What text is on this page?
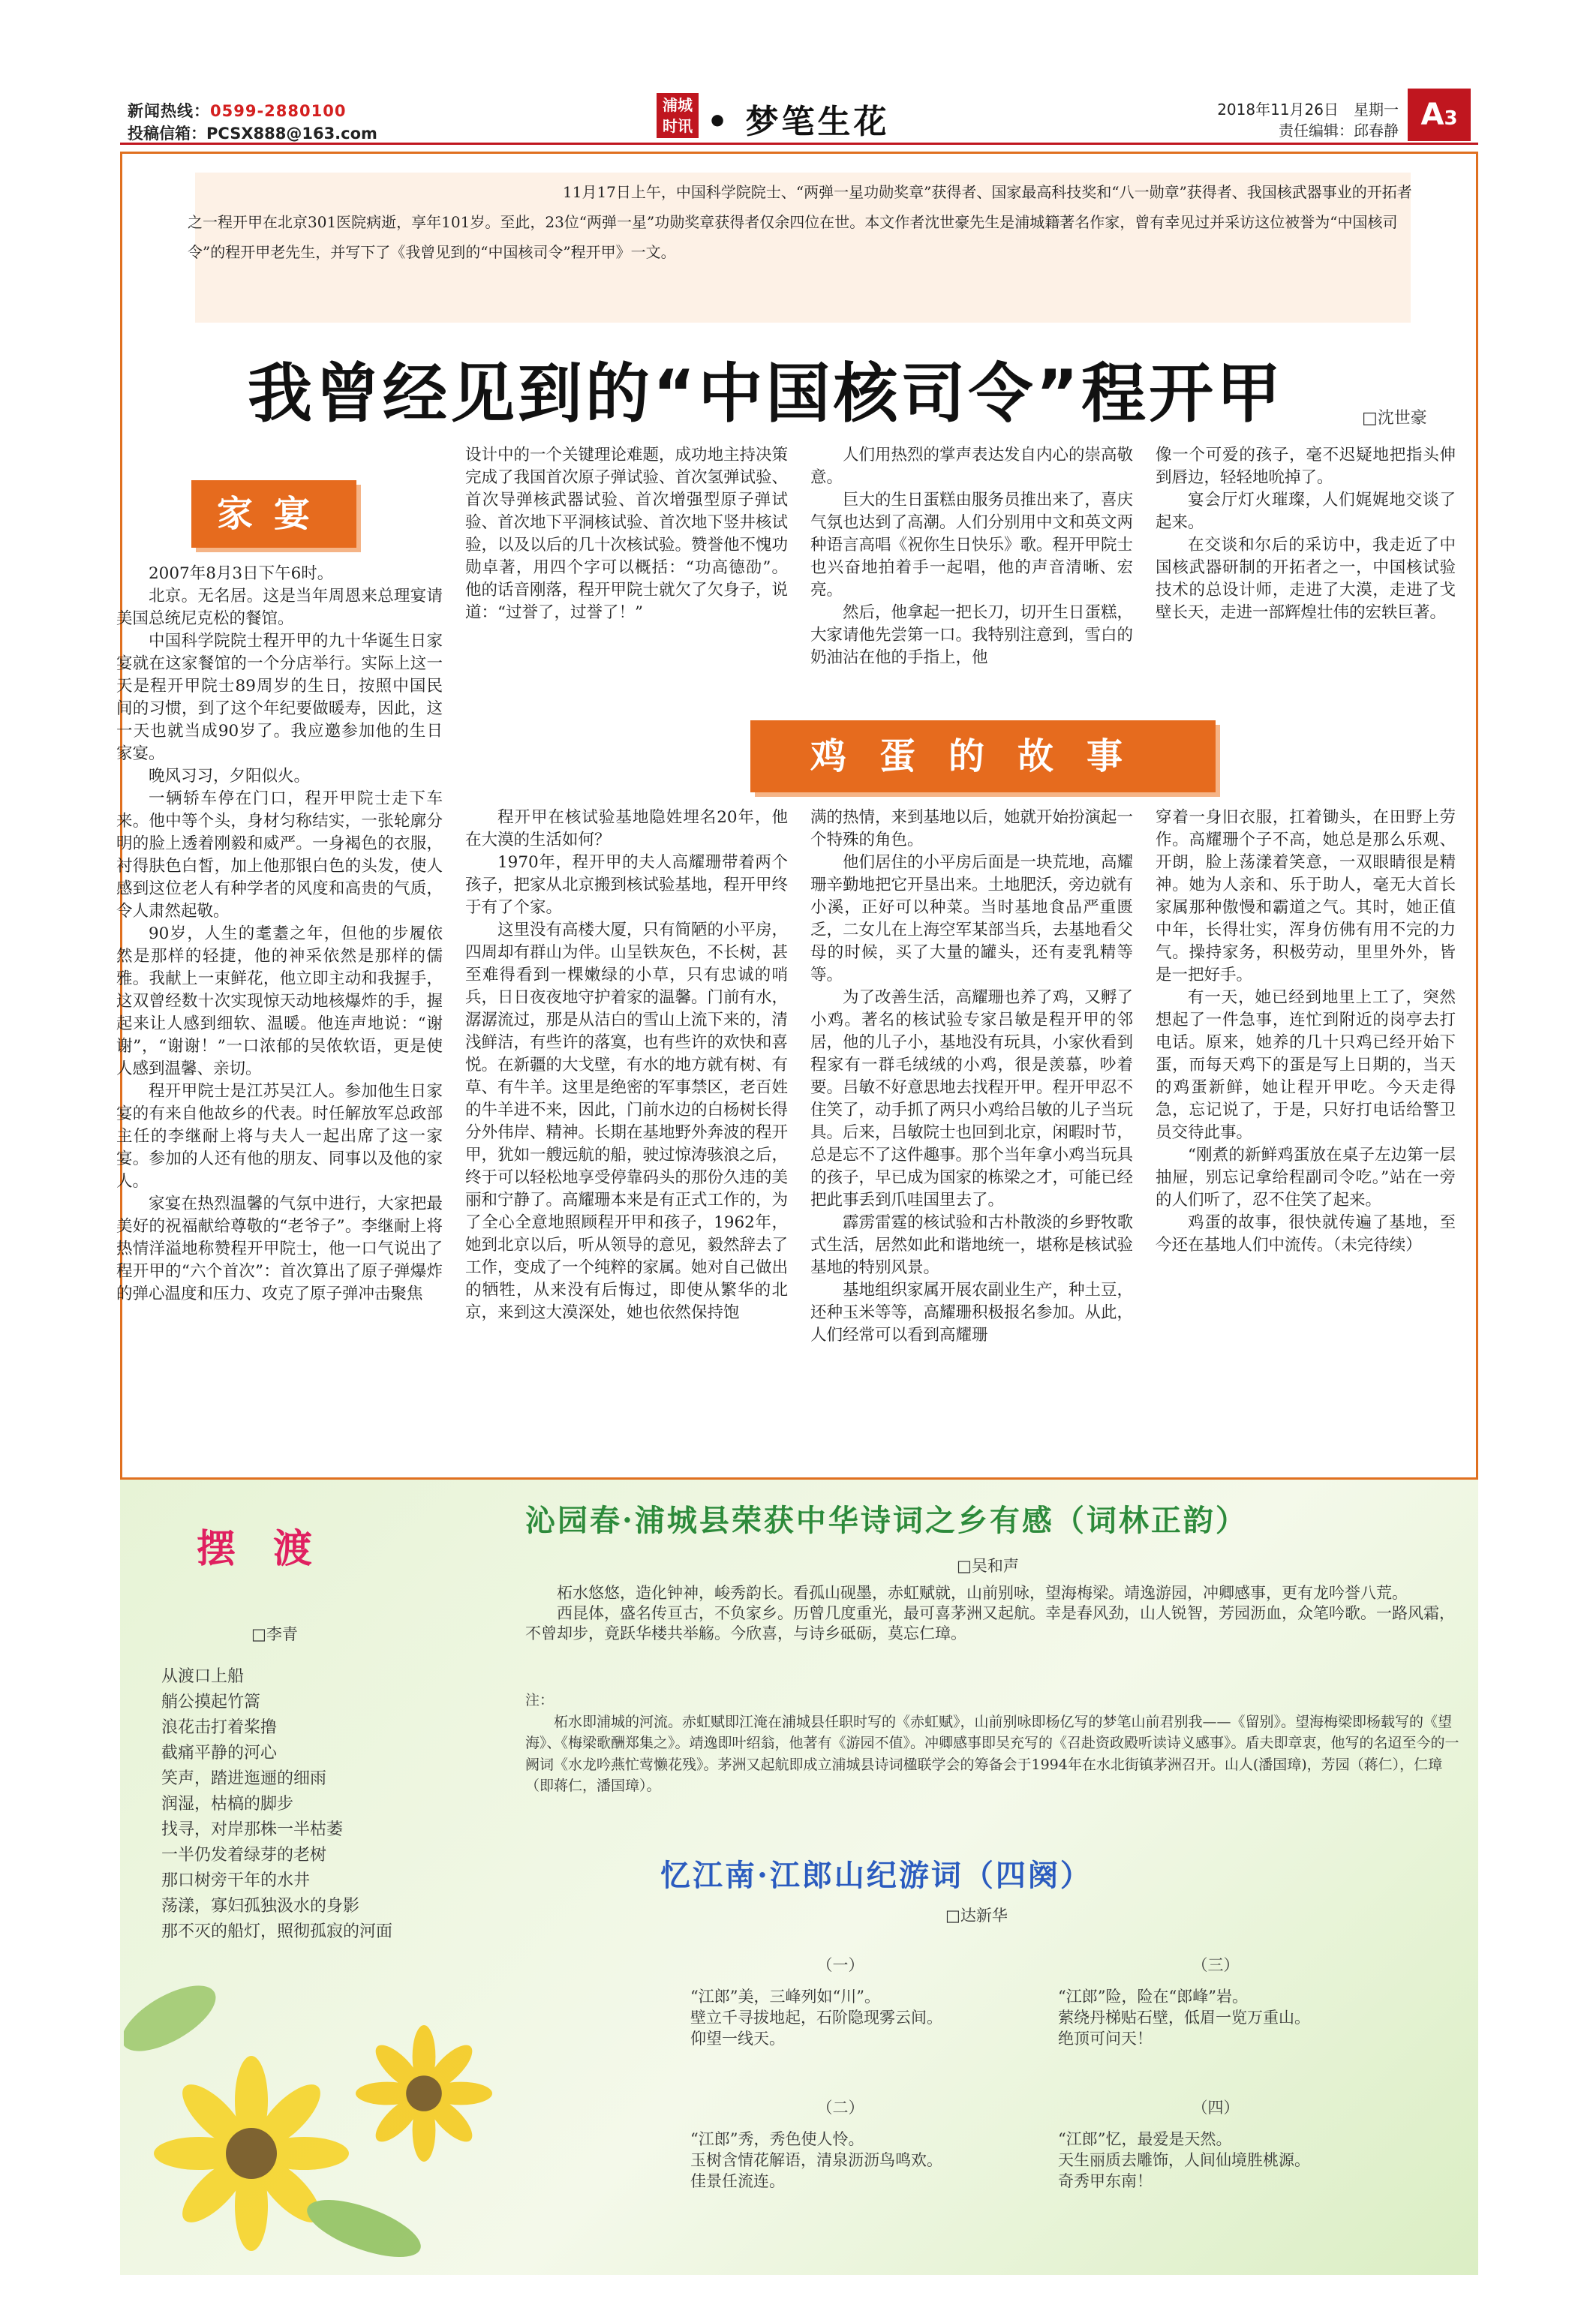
新闻热线：0599-2880100
投稿信箱：PCSX888@163.com
浦城
时讯 • 梦笔生花	2018年11月26日　星期一
责任编辑：邱春静 A3
11月17日上午，中国科学院院士、“两弹一星功勋奖章”获得者、国家最高科技奖和“八一勋章”获得者、我国核武器事业的开拓者之一程开甲在北京301医院病逝，享年101岁。至此，23位“两弹一星”功勋奖章获得者仅余四位在世。本文作者沈世豪先生是浦城籍著名作家，曾有幸见过并采访这位被誉为“中国核司令”的程开甲老先生，并写下了《我曾见到的“中国核司令”程开甲》一文。
我曾经见到的“中国核司令”程开甲	□沈世豪
家宴
鸡蛋的故事

2007年8月3日下午6时。

北京。无名居。这是当年周恩来总理宴请美国总统尼克松的餐馆。

中国科学院院士程开甲的九十华诞生日家宴就在这家餐馆的一个分店举行。实际上这一天是程开甲院士89周岁的生日，按照中国民间的习惯，到了这个年纪要做暖寿，因此，这一天也就当成90岁了。我应邀参加他的生日家宴。

晚风习习，夕阳似火。

一辆轿车停在门口，程开甲院士走下车来。他中等个头，身材匀称结实，一张轮廓分明的脸上透着刚毅和威严。一身褐色的衣服，衬得肤色白皙，加上他那银白色的头发，使人感到这位老人有种学者的风度和高贵的气质，令人肃然起敬。

90岁，人生的耄耋之年，但他的步履依然是那样的轻捷，他的神采依然是那样的儒雅。我献上一束鲜花，他立即主动和我握手，这双曾经数十次实现惊天动地核爆炸的手，握起来让人感到细软、温暖。他连声地说：“谢谢”，“谢谢！”一口浓郁的吴侬软语，更是使人感到温馨、亲切。

程开甲院士是江苏吴江人。参加他生日家宴的有来自他故乡的代表。时任解放军总政部主任的李继耐上将与夫人一起出席了这一家宴。参加的人还有他的朋友、同事以及他的家人。

家宴在热烈温馨的气氛中进行，大家把最美好的祝福献给尊敬的“老爷子”。李继耐上将热情洋溢地称赞程开甲院士，他一口气说出了程开甲的“六个首次”：首次算出了原子弹爆炸的弹心温度和压力、攻克了原子弹冲击聚焦

设计中的一个关键理论难题，成功地主持决策完成了我国首次原子弹试验、首次氢弹试验、首次导弹核武器试验、首次增强型原子弹试验、首次地下平洞核试验、首次地下竖井核试验，以及以后的几十次核试验。赞誉他不愧功勋卓著，用四个字可以概括：“功高德劭”。他的话音刚落，程开甲院士就欠了欠身子，说道：“过誉了，过誉了！”

人们用热烈的掌声表达发自内心的崇高敬意。

巨大的生日蛋糕由服务员推出来了，喜庆气氛也达到了高潮。人们分别用中文和英文两种语言高唱《祝你生日快乐》歌。程开甲院士也兴奋地拍着手一起唱，他的声音清晰、宏亮。

然后，他拿起一把长刀，切开生日蛋糕，大家请他先尝第一口。我特别注意到，雪白的奶油沾在他的手指上，他

像一个可爱的孩子，毫不迟疑地把指头伸到唇边，轻轻地吮掉了。

宴会厅灯火璀璨，人们娓娓地交谈了起来。

在交谈和尔后的采访中，我走近了中国核武器研制的开拓者之一，中国核试验技术的总设计师，走进了大漠，走进了戈壁长天，走进一部辉煌壮伟的宏轶巨著。

程开甲在核试验基地隐姓埋名20年，他在大漠的生活如何？

1970年，程开甲的夫人高耀珊带着两个孩子，把家从北京搬到核试验基地，程开甲终于有了个家。

这里没有高楼大厦，只有简陋的小平房，四周却有群山为伴。山呈铁灰色，不长树，甚至难得看到一棵嫩绿的小草，只有忠诚的哨兵，日日夜夜地守护着家的温馨。门前有水，潺潺流过，那是从洁白的雪山上流下来的，清浅鲜洁，有些许的落寞，也有些许的欢快和喜悦。在新疆的大戈壁，有水的地方就有树、有草、有牛羊。这里是绝密的军事禁区，老百姓的牛羊进不来，因此，门前水边的白杨树长得分外伟岸、精神。长期在基地野外奔波的程开甲，犹如一艘远航的船，驶过惊涛骇浪之后，终于可以轻松地享受停靠码头的那份久违的美丽和宁静了。高耀珊本来是有正式工作的，为了全心全意地照顾程开甲和孩子，1962年，她到北京以后，听从领导的意见，毅然辞去了工作，变成了一个纯粹的家属。她对自己做出的牺牲，从来没有后悔过，即使从繁华的北京，来到这大漠深处，她也依然保持饱

满的热情，来到基地以后，她就开始扮演起一个特殊的角色。

他们居住的小平房后面是一块荒地，高耀珊辛勤地把它开垦出来。土地肥沃，旁边就有小溪，正好可以种菜。当时基地食品严重匮乏，二女儿在上海空军某部当兵，去基地看父母的时候，买了大量的罐头，还有麦乳精等等。

为了改善生活，高耀珊也养了鸡，又孵了小鸡。著名的核试验专家吕敏是程开甲的邻居，他的儿子小，基地没有玩具，小家伙看到程家有一群毛绒绒的小鸡，很是羡慕，吵着要。吕敏不好意思地去找程开甲。程开甲忍不住笑了，动手抓了两只小鸡给吕敏的儿子当玩具。后来，吕敏院士也回到北京，闲暇时节，总是忘不了这件趣事。那个当年拿小鸡当玩具的孩子，早已成为国家的栋梁之才，可能已经把此事丢到爪哇国里去了。

霹雳雷霆的核试验和古朴散淡的乡野牧歌式生活，居然如此和谐地统一，堪称是核试验基地的特别风景。

基地组织家属开展农副业生产，种土豆，还种玉米等等，高耀珊积极报名参加。从此，人们经常可以看到高耀珊

穿着一身旧衣服，扛着锄头，在田野上劳作。高耀珊个子不高，她总是那么乐观、开朗，脸上荡漾着笑意，一双眼睛很是精神。她为人亲和、乐于助人，毫无大首长家属那种傲慢和霸道之气。其时，她正值中年，长得壮实，浑身仿佛有用不完的力气。操持家务，积极劳动，里里外外，皆是一把好手。

有一天，她已经到地里上工了，突然想起了一件急事，连忙到附近的岗亭去打电话。原来，她养的几十只鸡已经开始下蛋，而每天鸡下的蛋是写上日期的，当天的鸡蛋新鲜，她让程开甲吃。今天走得急，忘记说了，于是，只好打电话给警卫员交待此事。

“刚煮的新鲜鸡蛋放在桌子左边第一层抽屉，别忘记拿给程副司令吃。”站在一旁的人们听了，忍不住笑了起来。

鸡蛋的故事，很快就传遍了基地，至今还在基地人们中流传。（未完待续）

摆渡
□李青
从渡口上船
艄公摸起竹篙
浪花击打着桨撸
截痛平静的河心
笑声，踏进迤逦的细雨
润湿，枯槁的脚步
找寻，对岸那株一半枯萎
一半仍发着绿芽的老树
那口树旁干年的水井
荡漾，寡妇孤独汲水的身影
那不灭的船灯，照彻孤寂的河面
沁园春·浦城县荣获中华诗词之乡有感（词林正韵）
□吴和声

柘水悠悠，造化钟神，峻秀韵长。看孤山砚墨，赤虹赋就，山前别咏，望海梅梁。靖逸游园，冲卿感事，更有龙吟誉八荒。

西昆体，盛名传亘古，不负家乡。历曾几度重光，最可喜茅洲又起航。幸是春风劲，山人锐智，芳园沥血，众笔吟歌。一路风霜，不曾却步，竟跃华楼共举觞。今欣喜，与诗乡砥砺，莫忘仁璋。

注：

柘水即浦城的河流。赤虹赋即江淹在浦城县任职时写的《赤虹赋》，山前别咏即杨亿写的梦笔山前君别我——《留别》。望海梅梁即杨载写的《望海》、《梅梁歌酬郑集之》。靖逸即叶绍翁，他著有《游园不值》。冲卿感事即吴充写的《召赴资政殿听读诗义感事》。盾夫即章衷，他写的名迢至今的一阙词《水龙吟燕忙莺懒花残》。茅洲又起航即成立浦城县诗词楹联学会的筹备会于1994年在水北街镇茅洲召开。山人(潘国璋)，芳园（蒋仁），仁璋（即蒋仁，潘国璋）。

忆江南·江郎山纪游词（四阕）
□达新华
（一）
“江郎”美，三峰列如“川”。
壁立千寻拔地起，石阶隐现雾云间。
仰望一线天。
（二）
“江郎”秀，秀色使人怜。
玉树含情花解语，清泉沥沥鸟鸣欢。
佳景任流连。
（三）
“江郎”险，险在“郎峰”岩。
萦绕丹梯贴石壁，低眉一览万重山。
绝顶可问天！
（四）
“江郎”忆，最爱是天然。
天生丽质去雕饰，人间仙境胜桃源。
奇秀甲东南！
